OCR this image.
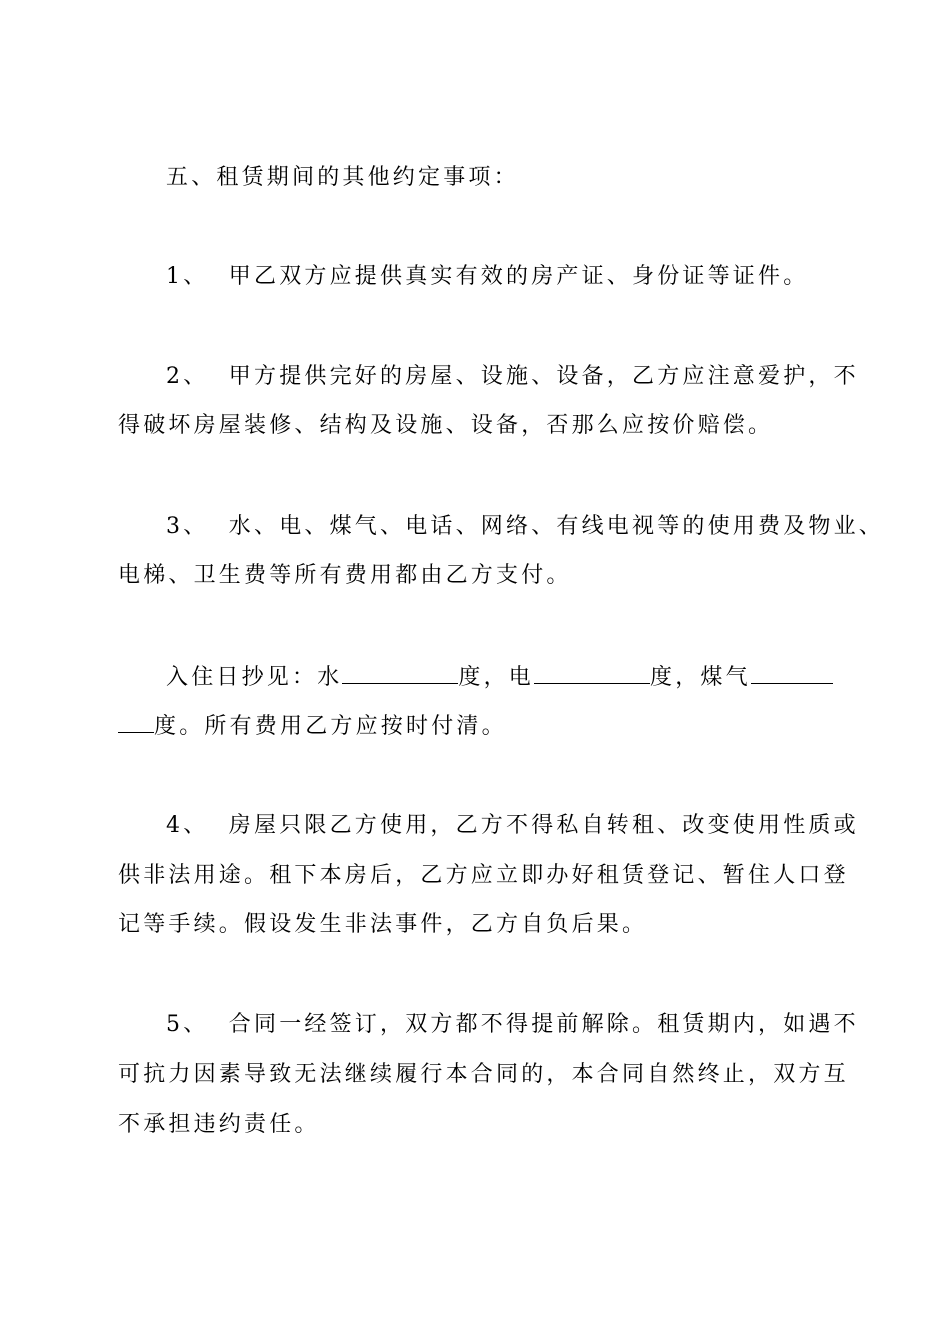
五、租赁期间的其他约定事项：
1、 甲乙双方应提供真实有效的房产证、身份证等证件。
2、 甲方提供完好的房屋、设施、设备，乙方应注意爱护，不
得破坏房屋装修、结构及设施、设备，否那么应按价赔偿。
3、 水、电、煤气、电话、网络、有线电视等的使用费及物业、
电梯、卫生费等所有费用都由乙方支付。
入住日抄见：水	度，电	度，煤气
度。所有费用乙方应按时付清。
4、 房屋只限乙方使用，乙方不得私自转租、改变使用性质或
供非法用途。租下本房后，乙方应立即办好租赁登记、暂住人口登
记等手续。假设发生非法事件，乙方自负后果。
5、 合同一经签订，双方都不得提前解除。租赁期内，如遇不
可抗力因素导致无法继续履行本合同的，本合同自然终止，双方互
不承担违约责任。
